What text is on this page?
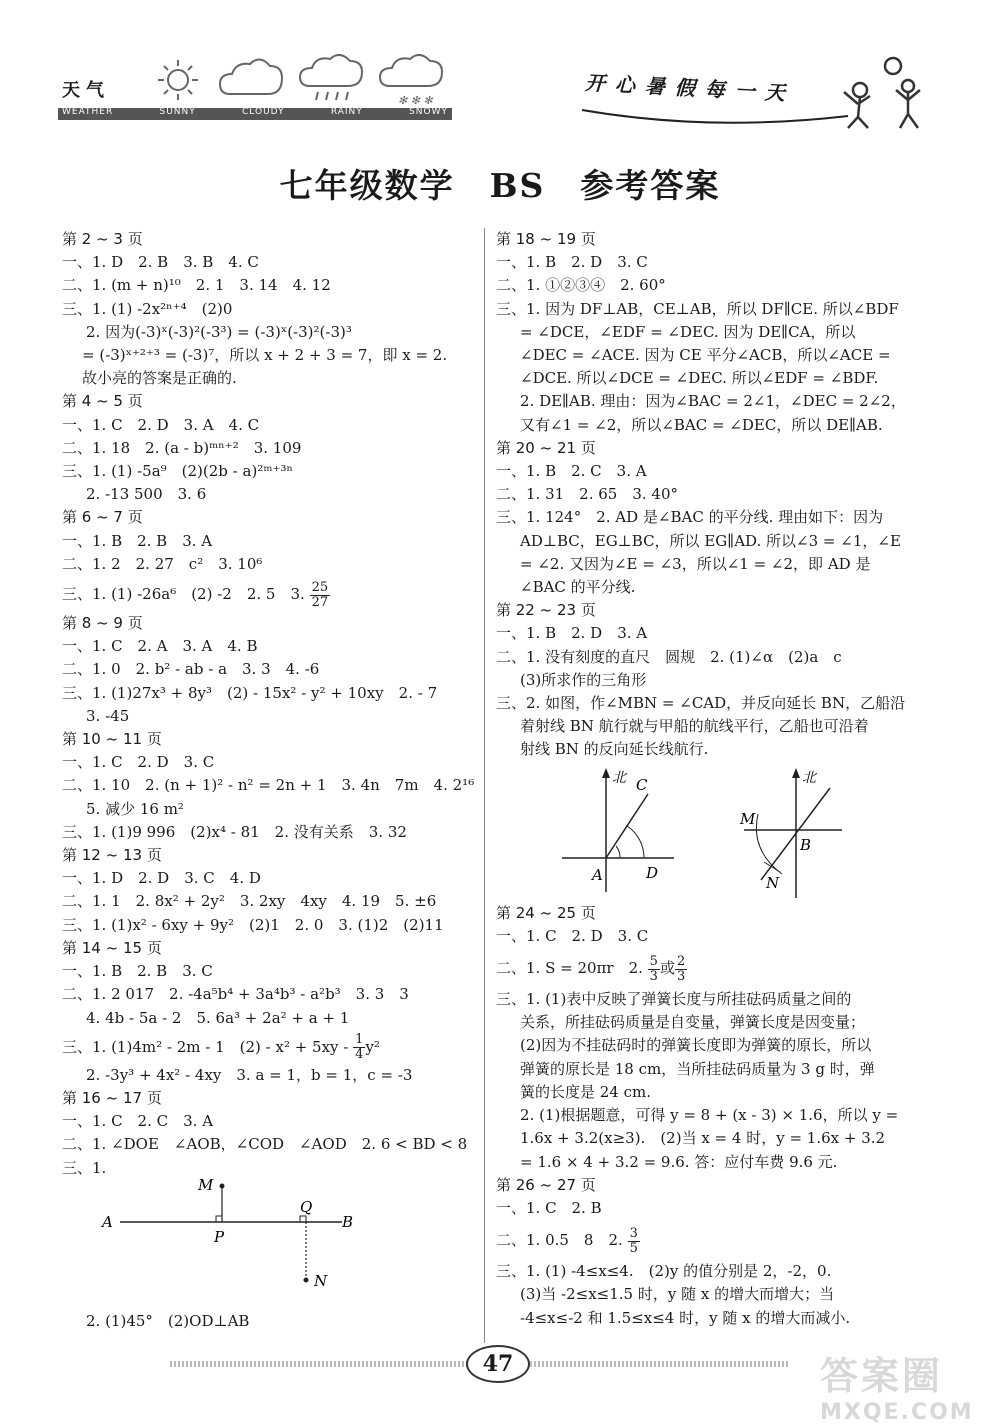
天气	✻ ✻ ✻
WEATHER	SUNNY	CLOUDY	RAINY	SNOWY
开心暑假每一天
七年级数学　BS　参考答案
第 2 ~ 3 页
一、1. D　2. B　3. B　4. C
二、1. (m + n)¹⁰　2. 1　3. 14　4. 12
三、1. (1) -2x²ⁿ⁺⁴　(2)0
2. 因为(-3)ˣ(-3)²(-3³) = (-3)ˣ(-3)²(-3)³
= (-3)ˣ⁺²⁺³ = (-3)⁷，所以 x + 2 + 3 = 7，即 x = 2.
故小亮的答案是正确的.
第 4 ~ 5 页
一、1. C　2. D　3. A　4. C
二、1. 18　2. (a - b)ᵐⁿ⁺²　3. 109
三、1. (1) -5a⁹　(2)(2b - a)²ᵐ⁺³ⁿ
2. -13 500　3. 6
第 6 ~ 7 页
一、1. B　2. B　3. A
二、1. 2　2. 27　c²　3. 10⁶
三、1. (1) -26a⁶　(2) -2　2. 5　3. $\frac{25}{27}$
第 8 ~ 9 页
一、1. C　2. A　3. A　4. B
二、1. 0　2. b² - ab - a　3. 3　4. -6
三、1. (1)27x³ + 8y³　(2) - 15x² - y² + 10xy　2. - 7
3. -45
第 10 ~ 11 页
一、1. C　2. D　3. C
二、1. 10　2. (n + 1)² - n² = 2n + 1　3. 4n　7m　4. 2¹⁶
5. 减少 16 m²
三、1. (1)9 996　(2)x⁴ - 81　2. 没有关系　3. 32
第 12 ~ 13 页
一、1. D　2. D　3. C　4. D
二、1. 1　2. 8x² + 2y²　3. 2xy　4xy　4. 19　5. ±6
三、1. (1)x² - 6xy + 9y²　(2)1　2. 0　3. (1)2　(2)11
第 14 ~ 15 页
一、1. B　2. B　3. C
二、1. 2 017　2. -4a⁵b⁴ + 3a⁴b³ - a²b³　3. 3　3
4. 4b - 5a - 2　5. 6a³ + 2a² + a + 1
三、1. (1)4m² - 2m - 1　$(2) - x^2 + 5xy - \frac{1}{4} y^2$
2. -3y³ + 4x² - 4xy　3. a = 1，b = 1，c = -3
第 16 ~ 17 页
一、1. C　2. C　3. A
二、1. ∠DOE　∠AOB，∠COD　∠AOD　2. 6 < BD < 8
三、1.
M
A
P
Q
B
N
2. (1)45°　(2)OD⊥AB
第 18 ~ 19 页
一、1. B　2. D　3. C
二、1. ①②③④　2. 60°
三、1. 因为 DF⊥AB，CE⊥AB，所以 DF∥CE. 所以∠BDF
= ∠DCE，∠EDF = ∠DEC. 因为 DE∥CA，所以
∠DEC = ∠ACE. 因为 CE 平分∠ACB，所以∠ACE =
∠DCE. 所以∠DCE = ∠DEC. 所以∠EDF = ∠BDF.
2. DE∥AB. 理由：因为∠BAC = 2∠1，∠DEC = 2∠2，
又有∠1 = ∠2，所以∠BAC = ∠DEC，所以 DE∥AB.
第 20 ~ 21 页
一、1. B　2. C　3. A
二、1. 31　2. 65　3. 40°
三、1. 124°　2. AD 是∠BAC 的平分线. 理由如下：因为
AD⊥BC，EG⊥BC，所以 EG∥AD. 所以∠3 = ∠1，∠E
= ∠2. 又因为∠E = ∠3，所以∠1 = ∠2，即 AD 是
∠BAC 的平分线.
第 22 ~ 23 页
一、1. B　2. D　3. A
二、1. 没有刻度的直尺　圆规　2. (1)∠α　(2)a　c
(3)所求作的三角形
三、2. 如图，作∠MBN = ∠CAD，并反向延长 BN，乙船沿
着射线 BN 航行就与甲船的航线平行，乙船也可沿着
射线 BN 的反向延长线航行.
北 C
A	D
北
M
B
N
第 24 ~ 25 页
一、1. C　2. D　3. C
二、1. S = 20πr　2. $\frac{5}{3}$ 或 $\frac{2}{3}$
三、1. (1)表中反映了弹簧长度与所挂砝码质量之间的
关系，所挂砝码质量是自变量，弹簧长度是因变量；
(2)因为不挂砝码时的弹簧长度即为弹簧的原长，所以
弹簧的原长是 18 cm，当所挂砝码质量为 3 g 时，弹
簧的长度是 24 cm.
2. (1)根据题意，可得 y = 8 + (x - 3) × 1.6，所以 y =
1.6x + 3.2(x≥3).　(2)当 x = 4 时，y = 1.6x + 3.2
= 1.6 × 4 + 3.2 = 9.6. 答：应付车费 9.6 元.
第 26 ~ 27 页
一、1. C　2. B
二、1. 0.5　8　2. $\frac{3}{5}$
三、1. (1) -4≤x≤4.　(2)y 的值分别是 2，-2，0.
(3)当 -2≤x≤1.5 时，y 随 x 的增大而增大；当
-4≤x≤-2 和 1.5≤x≤4 时，y 随 x 的增大而减小.
47	答案圈
MXQE.COM
